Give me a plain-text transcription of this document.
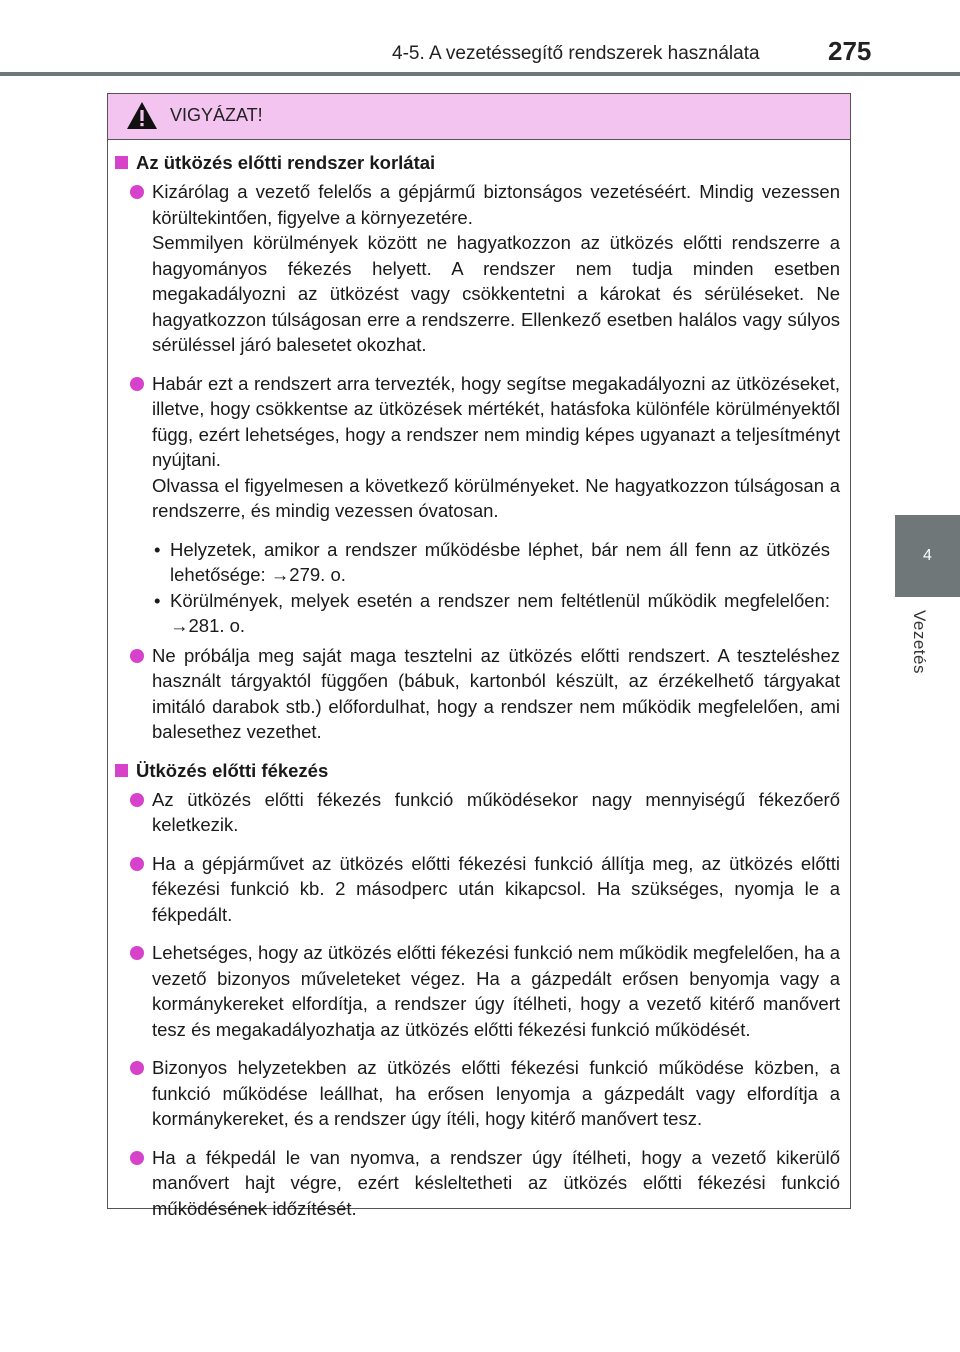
4-5. A vezetéssegítő rendszerek használata	275
4
Vezetés
VIGYÁZAT!
Az ütközés előtti rendszer korlátai
Kizárólag a vezető felelős a gépjármű biztonságos vezetéséért. Mindig vezessen körültekintően, figyelve a környezetére.
Semmilyen körülmények között ne hagyatkozzon az ütközés előtti rendszerre a hagyományos fékezés helyett. A rendszer nem tudja minden esetben megakadályozni az ütközést vagy csökkentetni a károkat és sérüléseket. Ne hagyatkozzon túlságosan erre a rendszerre. Ellenkező esetben halálos vagy súlyos sérüléssel járó balesetet okozhat.
Habár ezt a rendszert arra tervezték, hogy segítse megakadályozni az ütközéseket, illetve, hogy csökkentse az ütközések mértékét, hatásfoka különféle körülményektől függ, ezért lehetséges, hogy a rendszer nem mindig képes ugyanazt a teljesítményt nyújtani.
Olvassa el figyelmesen a következő körülményeket. Ne hagyatkozzon túlságosan a rendszerre, és mindig vezessen óvatosan.
• Helyzetek, amikor a rendszer működésbe léphet, bár nem áll fenn az ütközés lehetősége: →279. o.
• Körülmények, melyek esetén a rendszer nem feltétlenül működik megfelelően: →281. o.
Ne próbálja meg saját maga tesztelni az ütközés előtti rendszert. A teszteléshez használt tárgyaktól függően (bábuk, kartonból készült, az érzékelhető tárgyakat imitáló darabok stb.) előfordulhat, hogy a rendszer nem működik megfelelően, ami balesethez vezethet.
Ütközés előtti fékezés
Az ütközés előtti fékezés funkció működésekor nagy mennyiségű fékezőerő keletkezik.
Ha a gépjárművet az ütközés előtti fékezési funkció állítja meg, az ütközés előtti fékezési funkció kb. 2 másodperc után kikapcsol. Ha szükséges, nyomja le a fékpedált.
Lehetséges, hogy az ütközés előtti fékezési funkció nem működik megfelelően, ha a vezető bizonyos műveleteket végez. Ha a gázpedált erősen benyomja vagy a kormánykereket elfordítja, a rendszer úgy ítélheti, hogy a vezető kitérő manővert tesz és megakadályozhatja az ütközés előtti fékezési funkció működését.
Bizonyos helyzetekben az ütközés előtti fékezési funkció működése közben, a funkció működése leállhat, ha erősen lenyomja a gázpedált vagy elfordítja a kormánykereket, és a rendszer úgy ítéli, hogy kitérő manővert tesz.
Ha a fékpedál le van nyomva, a rendszer úgy ítélheti, hogy a vezető kikerülő manővert hajt végre, ezért késleltetheti az ütközés előtti fékezési funkció működésének időzítését.
